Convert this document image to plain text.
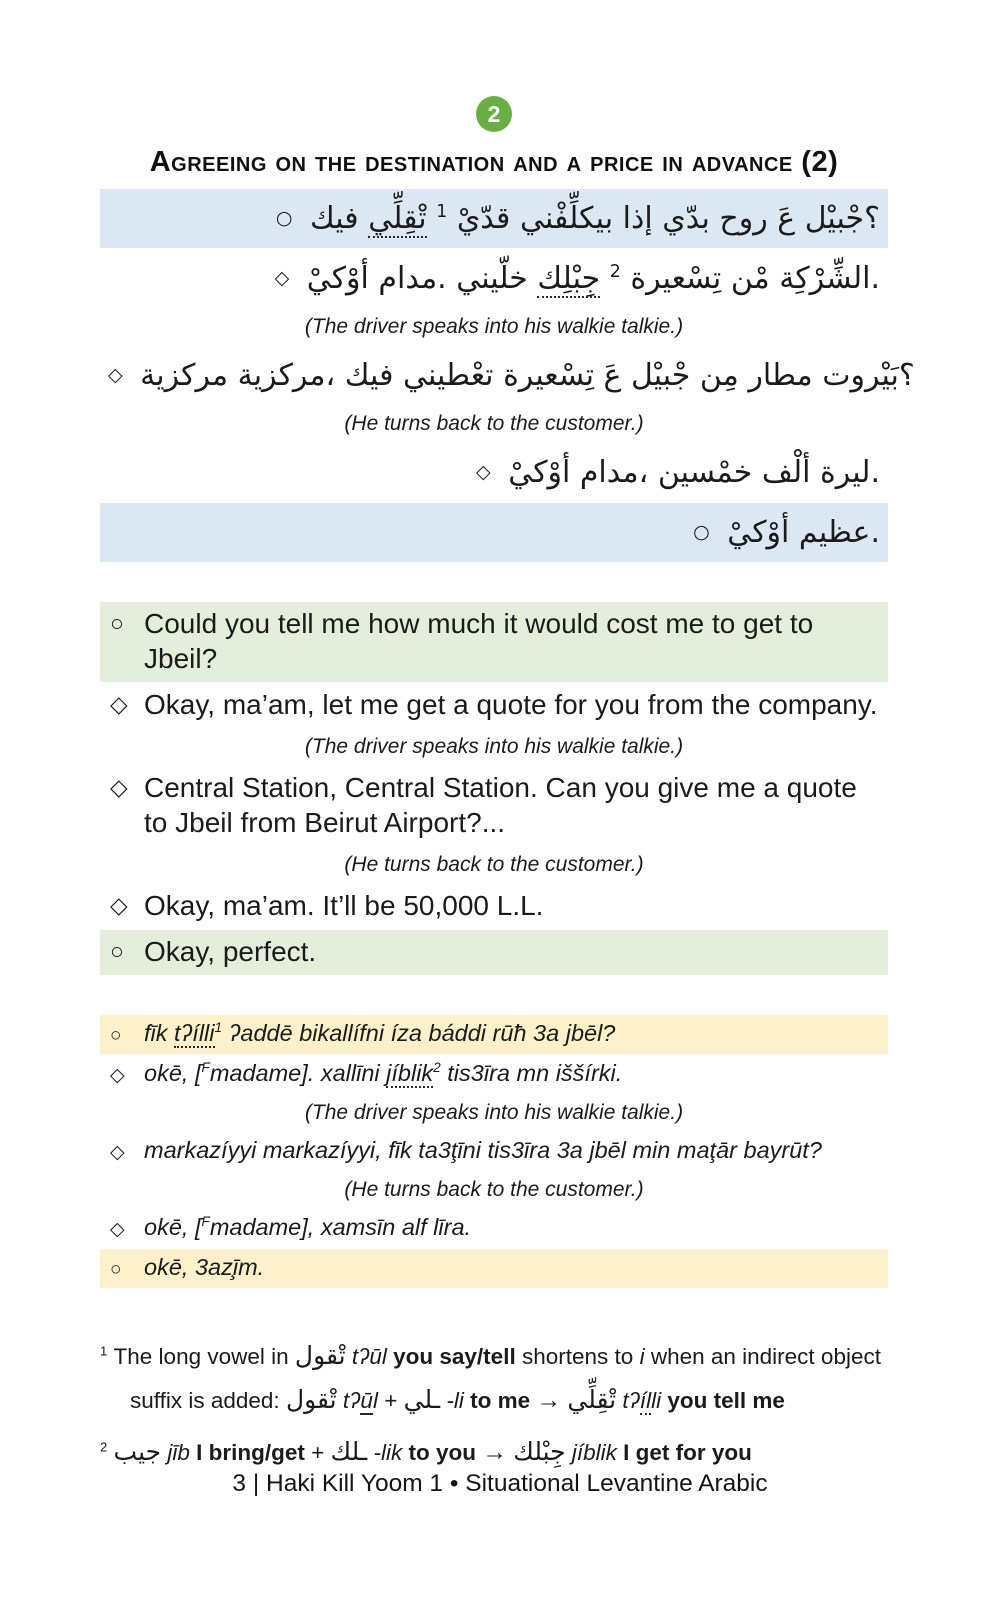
2
Agreeing on the destination and a price in advance (2)
○ فيك تْقِلِّي $^1$ قدّيْ بيكلِّفْني إذا بدّي روح عَ جْبيْل؟
◇ أوْكيْ مدام. خلّيني جِبْلِك $^2$ تِسْعيرة مْن الشِّرْكِة.
(The driver speaks into his walkie talkie.)
◇ مركزية مركزية، فيك تعْطيني تِسْعيرة عَ جْبيْل مِن مطار بَيْروت؟
(He turns back to the customer.)
◇ أوْكيْ مدام، خمْسين ألْف ليرة.
○ أوْكيْ عظيم.
○ Could you tell me how much it would cost me to get to Jbeil?
◇ Okay, ma’am, let me get a quote for you from the company.
(The driver speaks into his walkie talkie.)
◇ Central Station, Central Station. Can you give me a quote to Jbeil from Beirut Airport?...
(He turns back to the customer.)
◇ Okay, ma’am. It’ll be 50,000 L.L.
○ Okay, perfect.
○ fīk tʔílli$^1$ ʔaddē bikallífni íza báddi rūħ 3a jbēl?
◇ okē, [$^F$madame]. xallīni jíblik$^2$ tis3īra mn iššírki.
(The driver speaks into his walkie talkie.)
◇ markazíyyi markazíyyi, fīk ta3ţīni tis3īra 3a jbēl min maţār bayrūt?
(He turns back to the customer.)
◇ okē, [$^F$madame], xamsīn alf līra.
○ okē, 3az̧īm.
$^1$ The long vowel in تْقول tʔūl you say/tell shortens to i when an indirect object suffix is added: تْقول tʔūl + ـلي -li to me → تْقِلِّي tʔílli you tell me
$^2$ جيب jīb I bring/get + ـلك -lik to you → جِبْلك jíblik I get for you
3 | Haki Kill Yoom 1 • Situational Levantine Arabic
